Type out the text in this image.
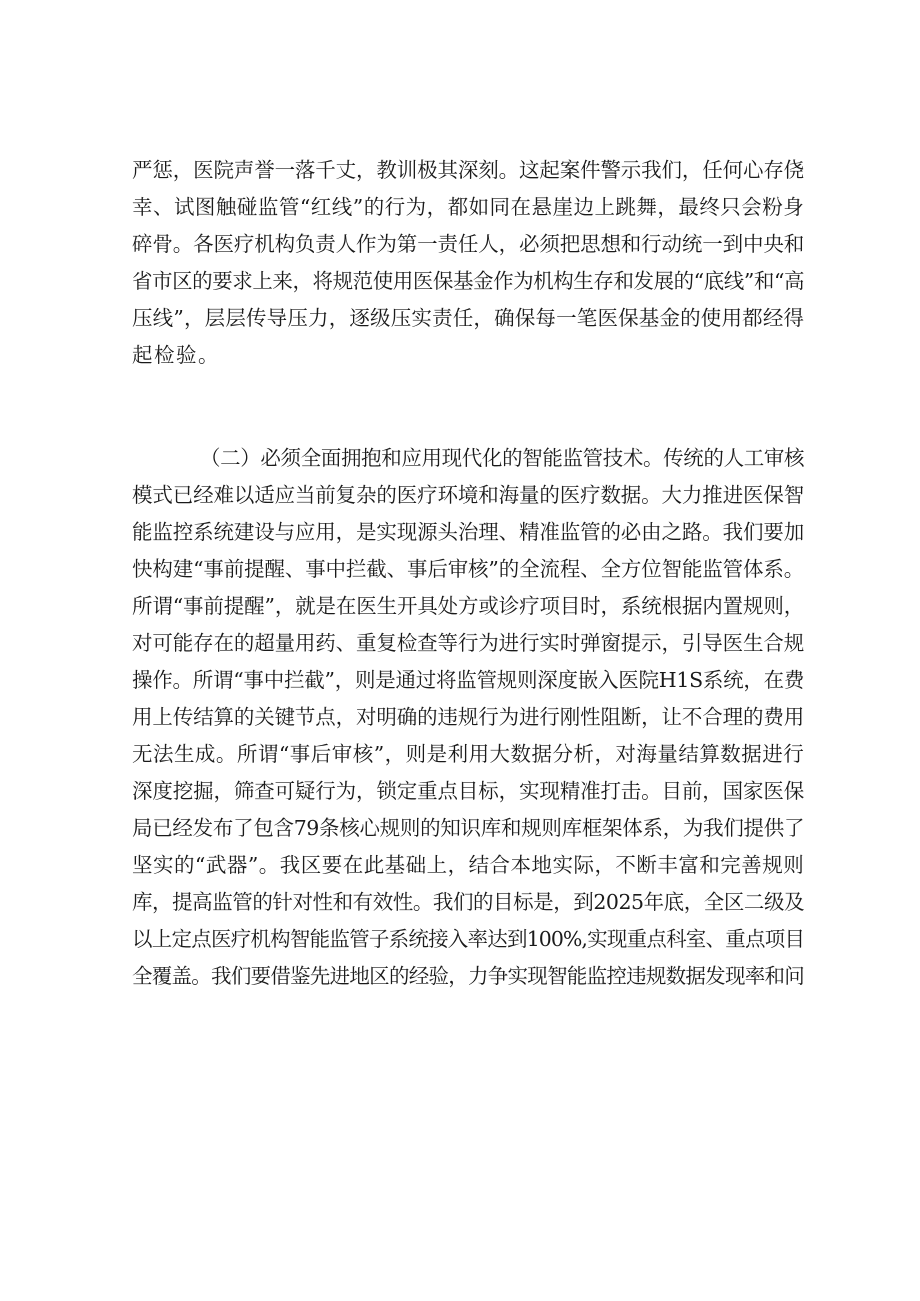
严惩，医院声誉一落千丈，教训极其深刻。这起案件警示我们，任何心存侥
幸、试图触碰监管“红线”的行为，都如同在悬崖边上跳舞，最终只会粉身
碎骨。各医疗机构负责人作为第一责任人，必须把思想和行动统一到中央和
省市区的要求上来，将规范使用医保基金作为机构生存和发展的“底线”和“高
压线”，层层传导压力，逐级压实责任，确保每一笔医保基金的使用都经得
起检验。
（二）必须全面拥抱和应用现代化的智能监管技术。传统的人工审核
模式已经难以适应当前复杂的医疗环境和海量的医疗数据。大力推进医保智
能监控系统建设与应用，是实现源头治理、精准监管的必由之路。我们要加
快构建“事前提醒、事中拦截、事后审核”的全流程、全方位智能监管体系。
所谓“事前提醒”，就是在医生开具处方或诊疗项目时，系统根据内置规则，
对可能存在的超量用药、重复检查等行为进行实时弹窗提示，引导医生合规
操作。所谓“事中拦截”，则是通过将监管规则深度嵌入医院H1S系统，在费
用上传结算的关键节点，对明确的违规行为进行刚性阻断，让不合理的费用
无法生成。所谓“事后审核”，则是利用大数据分析，对海量结算数据进行
深度挖掘，筛查可疑行为，锁定重点目标，实现精准打击。目前，国家医保
局已经发布了包含79条核心规则的知识库和规则库框架体系，为我们提供了
坚实的“武器”。我区要在此基础上，结合本地实际，不断丰富和完善规则
库，提高监管的针对性和有效性。我们的目标是，到2025年底，全区二级及
以上定点医疗机构智能监管子系统接入率达到100%,实现重点科室、重点项目
全覆盖。我们要借鉴先进地区的经验，力争实现智能监控违规数据发现率和问
